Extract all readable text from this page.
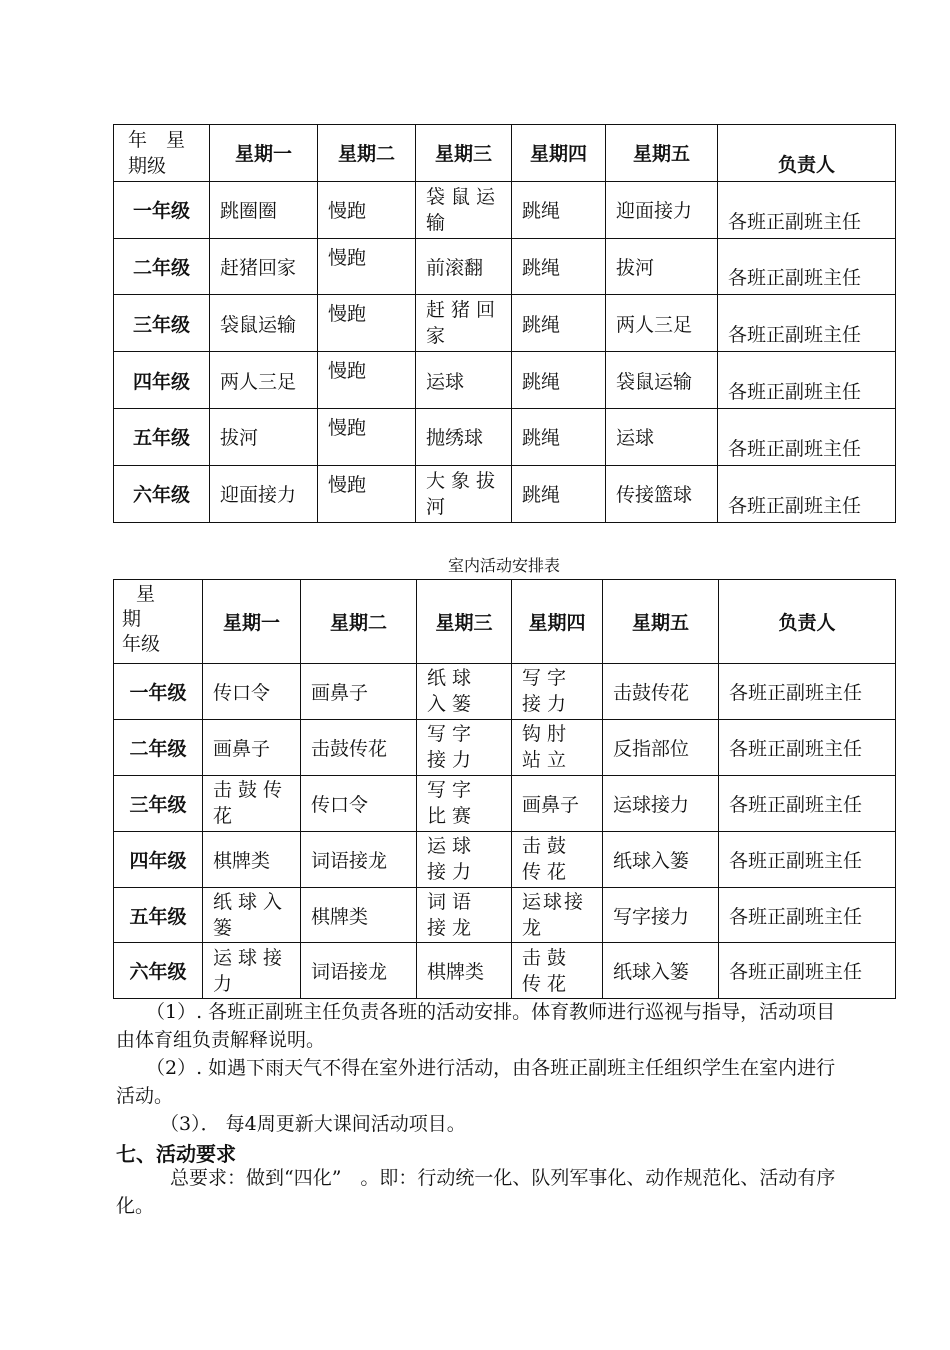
年　星
期级	星期一	星期二	星期三	星期四	星期五	负责人
一年级	跳圈圈	慢跑	袋鼠运输	跳绳	迎面接力	各班正副班主任
二年级	赶猪回家	慢跑	前滚翻	跳绳	拔河	各班正副班主任
三年级	袋鼠运输	慢跑	赶猪回家	跳绳	两人三足	各班正副班主任
四年级	两人三足	慢跑	运球	跳绳	袋鼠运输	各班正副班主任
五年级	拔河	慢跑	抛绣球	跳绳	运球	各班正副班主任
六年级	迎面接力	慢跑	大象拔河	跳绳	传接篮球	各班正副班主任
室内活动安排表
星
期
年级	星期一	星期二	星期三	星期四	星期五	负责人
一年级	传口令	画鼻子	纸球入篓	写字接力	击鼓传花	各班正副班主任
二年级	画鼻子	击鼓传花	写字接力	钩肘站立	反指部位	各班正副班主任
三年级	击鼓传花	传口令	写字比赛	画鼻子	运球接力	各班正副班主任
四年级	棋牌类	词语接龙	运球接力	击鼓传花	纸球入篓	各班正副班主任
五年级	纸球入篓	棋牌类	词语接龙	运球接龙	写字接力	各班正副班主任
六年级	运球接力	词语接龙	棋牌类	击鼓传花	纸球入篓	各班正副班主任
（1）. 各班正副班主任负责各班的活动安排。体育教师进行巡视与指导，活动项目由体育组负责解释说明。
（2）. 如遇下雨天气不得在室外进行活动，由各班正副班主任组织学生在室内进行活动。
（3）． 每4周更新大课间活动项目。
七、活动要求
总要求：做到“四化”　。即：行动统一化、队列军事化、动作规范化、活动有序化。
